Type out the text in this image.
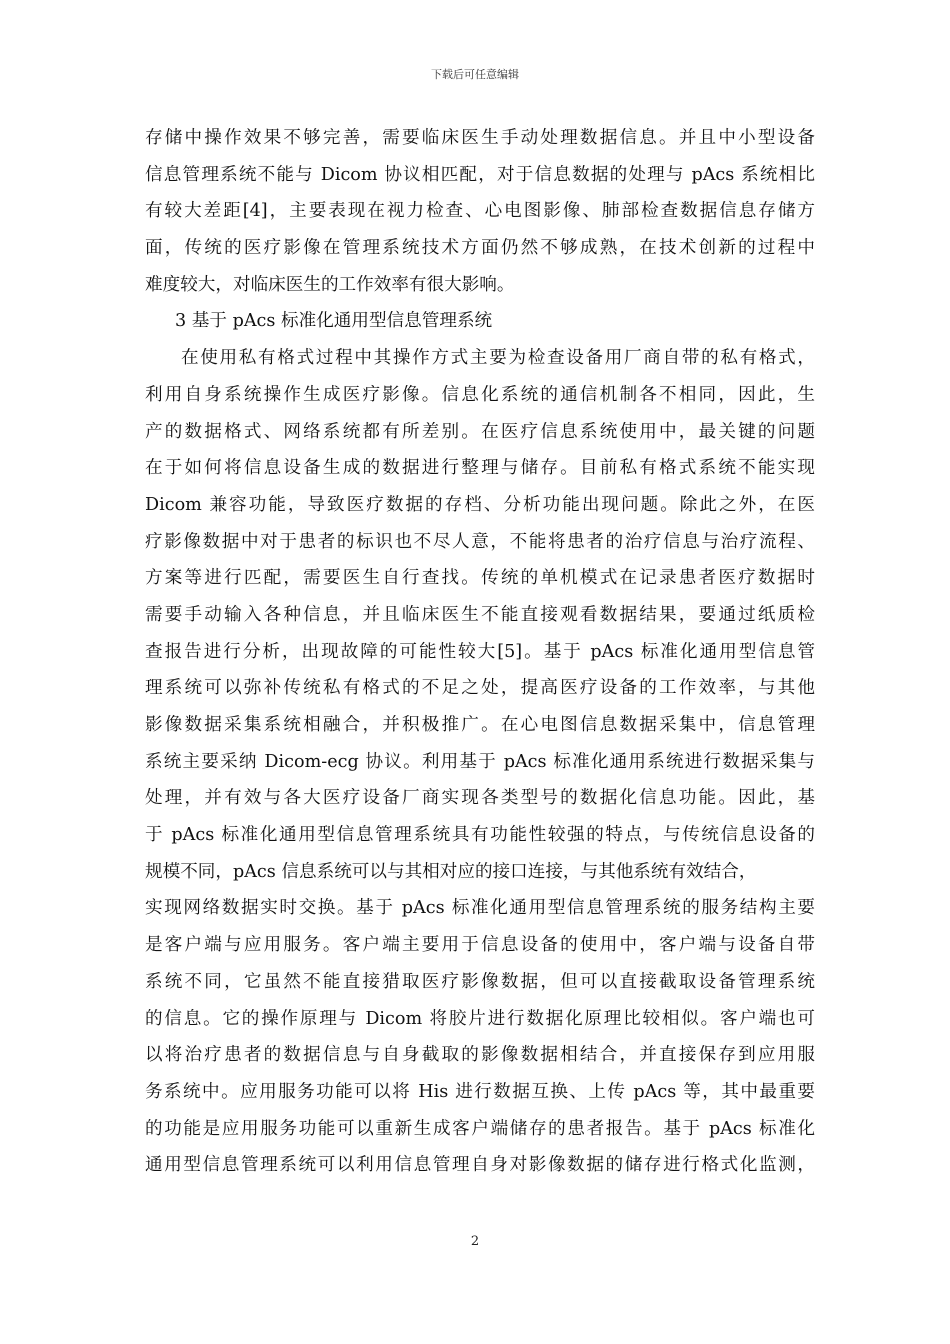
下载后可任意编辑
存储中操作效果不够完善，需要临床医生手动处理数据信息。并且中小型设备
信息管理系统不能与 Dicom 协议相匹配，对于信息数据的处理与 pAcs 系统相比
有较大差距[4]，主要表现在视力检查、心电图影像、肺部检查数据信息存储方
面，传统的医疗影像在管理系统技术方面仍然不够成熟，在技术创新的过程中
难度较大，对临床医生的工作效率有很大影响。
3 基于 pAcs 标准化通用型信息管理系统
在使用私有格式过程中其操作方式主要为检查设备用厂商自带的私有格式，
利用自身系统操作生成医疗影像。信息化系统的通信机制各不相同，因此，生
产的数据格式、网络系统都有所差别。在医疗信息系统使用中，最关键的问题
在于如何将信息设备生成的数据进行整理与储存。目前私有格式系统不能实现
Dicom 兼容功能，导致医疗数据的存档、分析功能出现问题。除此之外，在医
疗影像数据中对于患者的标识也不尽人意，不能将患者的治疗信息与治疗流程、
方案等进行匹配，需要医生自行查找。传统的单机模式在记录患者医疗数据时
需要手动输入各种信息，并且临床医生不能直接观看数据结果，要通过纸质检
查报告进行分析，出现故障的可能性较大[5]。基于 pAcs 标准化通用型信息管
理系统可以弥补传统私有格式的不足之处，提高医疗设备的工作效率，与其他
影像数据采集系统相融合，并积极推广。在心电图信息数据采集中，信息管理
系统主要采纳 Dicom-ecg 协议。利用基于 pAcs 标准化通用系统进行数据采集与
处理，并有效与各大医疗设备厂商实现各类型号的数据化信息功能。因此，基
于 pAcs 标准化通用型信息管理系统具有功能性较强的特点，与传统信息设备的
规模不同，pAcs 信息系统可以与其相对应的接口连接，与其他系统有效结合，
实现网络数据实时交换。基于 pAcs 标准化通用型信息管理系统的服务结构主要
是客户端与应用服务。客户端主要用于信息设备的使用中，客户端与设备自带
系统不同，它虽然不能直接猎取医疗影像数据，但可以直接截取设备管理系统
的信息。它的操作原理与 Dicom 将胶片进行数据化原理比较相似。客户端也可
以将治疗患者的数据信息与自身截取的影像数据相结合，并直接保存到应用服
务系统中。应用服务功能可以将 His 进行数据互换、上传 pAcs 等，其中最重要
的功能是应用服务功能可以重新生成客户端储存的患者报告。基于 pAcs 标准化
通用型信息管理系统可以利用信息管理自身对影像数据的储存进行格式化监测，
2
